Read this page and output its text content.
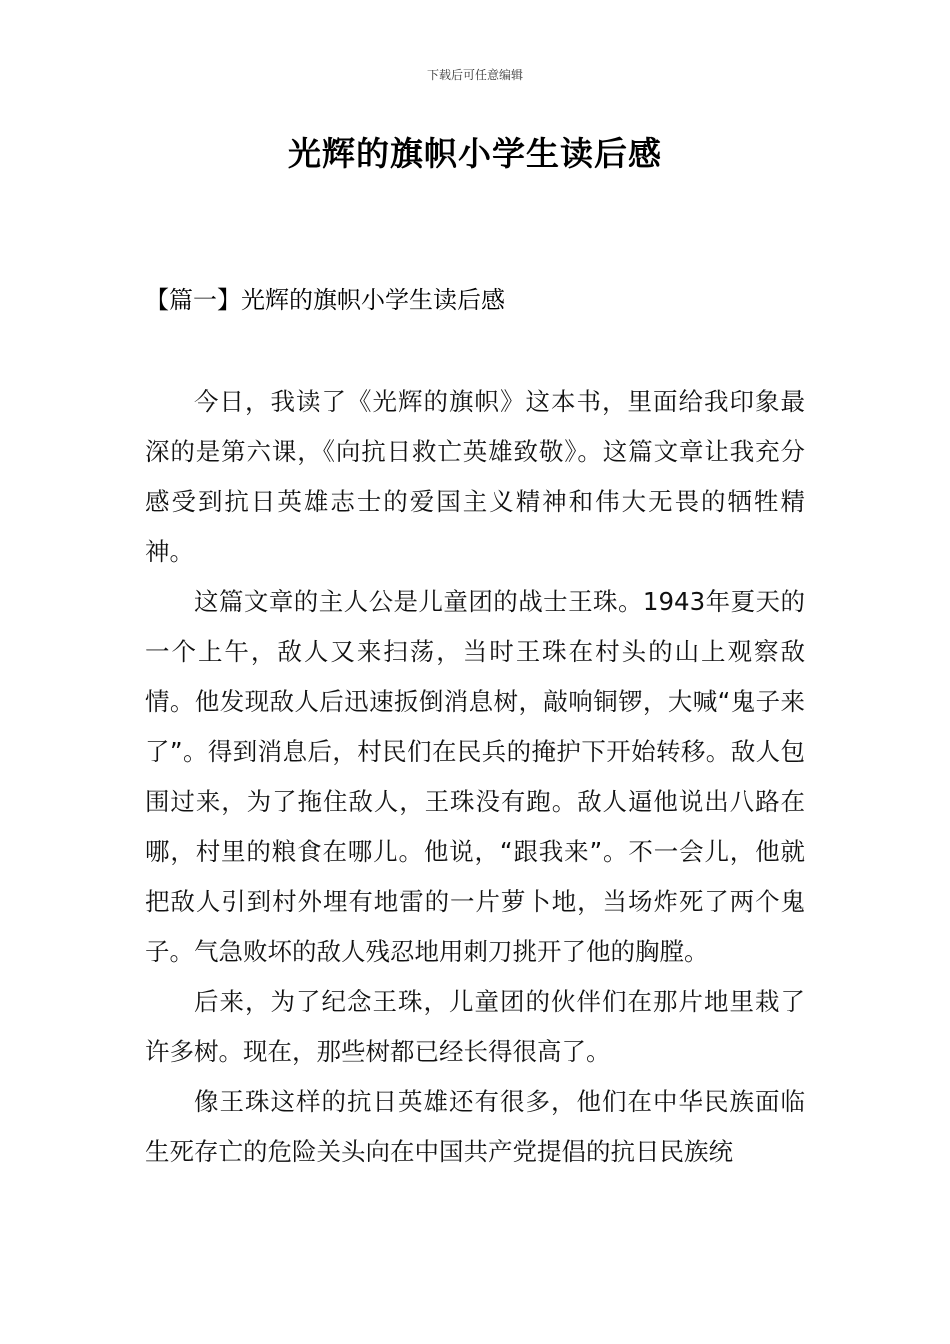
下载后可任意编辑
光辉的旗帜小学生读后感
【篇一】光辉的旗帜小学生读后感

今日，我读了《光辉的旗帜》这本书，里面给我印象最深的是第六课，《向抗日救亡英雄致敬》。这篇文章让我充分感受到抗日英雄志士的爱国主义精神和伟大无畏的牺牲精神。

这篇文章的主人公是儿童团的战士王珠。1943年夏天的一个上午，敌人又来扫荡，当时王珠在村头的山上观察敌情。他发现敌人后迅速扳倒消息树，敲响铜锣，大喊“鬼子来了”。得到消息后，村民们在民兵的掩护下开始转移。敌人包围过来，为了拖住敌人，王珠没有跑。敌人逼他说出八路在哪，村里的粮食在哪儿。他说，“跟我来”。不一会儿，他就把敌人引到村外埋有地雷的一片萝卜地，当场炸死了两个鬼子。气急败坏的敌人残忍地用刺刀挑开了他的胸膛。

后来，为了纪念王珠，儿童团的伙伴们在那片地里栽了许多树。现在，那些树都已经长得很高了。

像王珠这样的抗日英雄还有很多，他们在中华民族面临生死存亡的危险关头向在中国共产党提倡的抗日民族统
